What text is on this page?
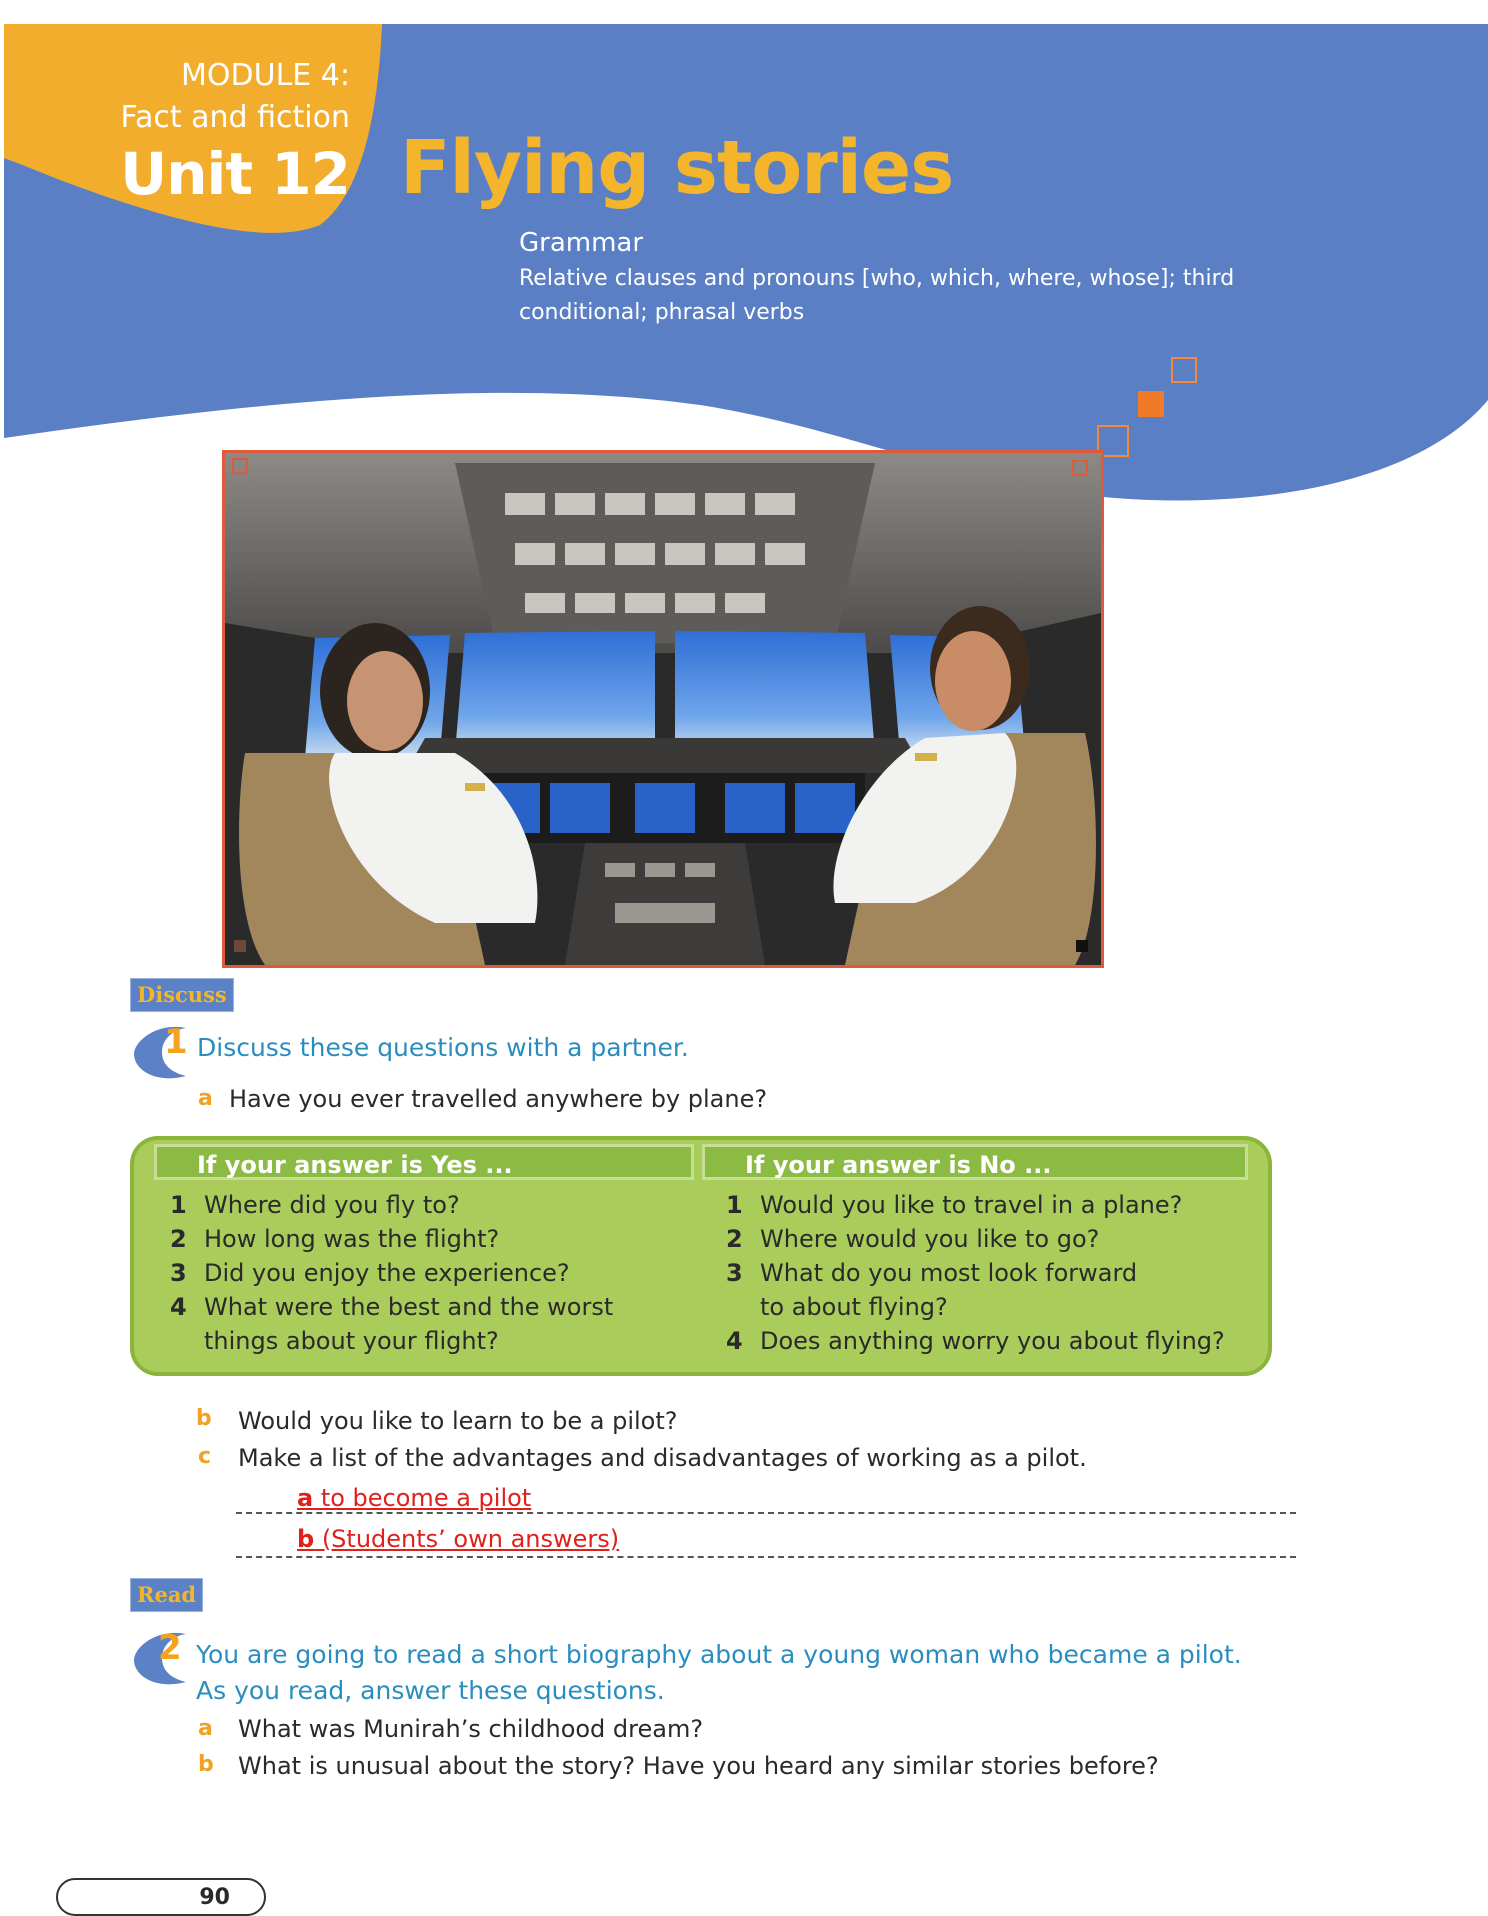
MODULE 4:
Fact and fiction
Unit 12 Flying stories
Grammar
Relative clauses and pronouns [who, which, where, whose]; third conditional; phrasal verbs
Discuss
1 Discuss these questions with a partner.
a Have you ever travelled anywhere by plane?
If your answer is Yes ...	If your answer is No ...
1 Where did you fly to?
2 How long was the flight?
3 Did you enjoy the experience?
4 What were the best and the worst things about your flight?
1 Would you like to travel in a plane?
2 Where would you like to go?
3 What do you most look forward to about flying?
4 Does anything worry you about flying?
b Would you like to learn to be a pilot?
c Make a list of the advantages and disadvantages of working as a pilot.
a to become a pilot
b (Students’ own answers)
Read
2 You are going to read a short biography about a young woman who became a pilot.
As you read, answer these questions.
a What was Munirah’s childhood dream?
b What is unusual about the story? Have you heard any similar stories before?
90
